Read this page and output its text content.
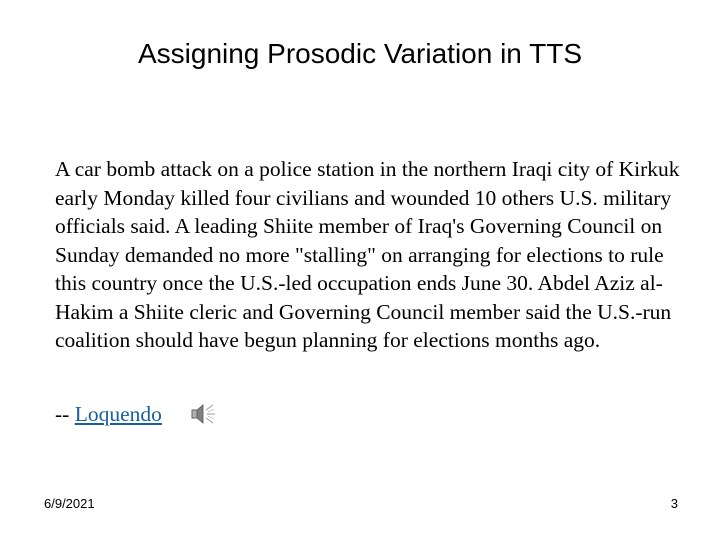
Assigning Prosodic Variation in TTS

A car bomb attack on a police station in the northern Iraqi city of Kirkuk early Monday killed four civilians and wounded 10 others U.S. military officials said. A leading Shiite member of Iraq's Governing Council on Sunday demanded no more "stalling" on arranging for elections to rule this country once the U.S.-led occupation ends June 30. Abdel Aziz al-Hakim a Shiite cleric and Governing Council member said the U.S.-run coalition should have begun planning for elections months ago.

-- Loquendo
6/9/2021	3
